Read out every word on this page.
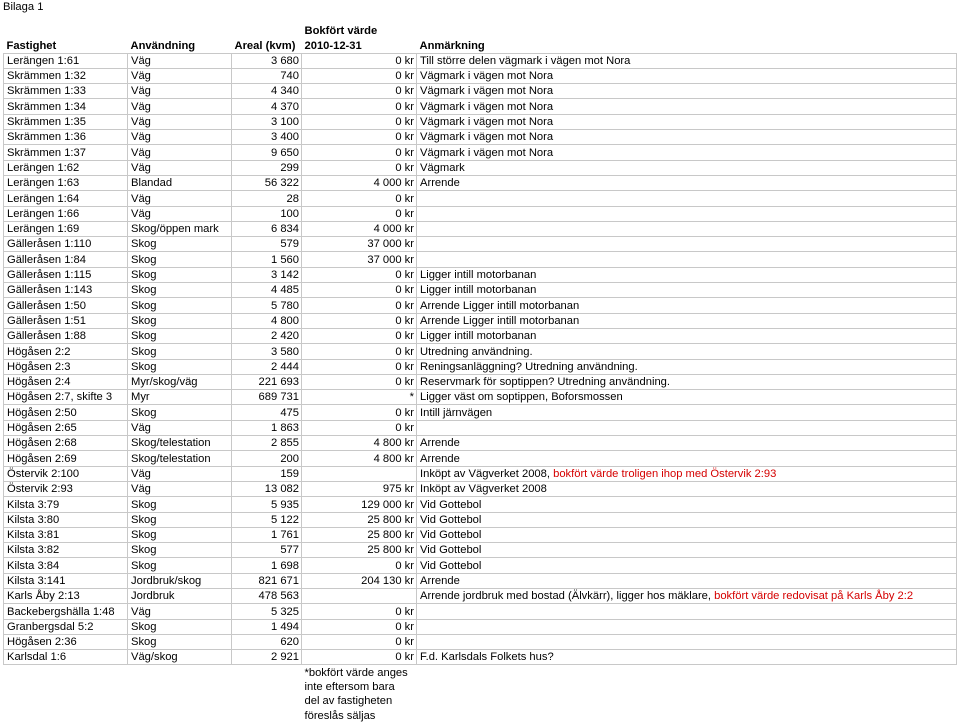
Bilaga 1
			Bokfört värde	
Fastighet	Användning	Areal (kvm)	2010-12-31	Anmärkning
Lerängen 1:61	Väg	3 680	0 kr	Till större delen vägmark i vägen mot Nora
Skrämmen 1:32	Väg	740	0 kr	Vägmark i vägen mot Nora
Skrämmen 1:33	Väg	4 340	0 kr	Vägmark i vägen mot Nora
Skrämmen 1:34	Väg	4 370	0 kr	Vägmark i vägen mot Nora
Skrämmen 1:35	Väg	3 100	0 kr	Vägmark i vägen mot Nora
Skrämmen 1:36	Väg	3 400	0 kr	Vägmark i vägen mot Nora
Skrämmen 1:37	Väg	9 650	0 kr	Vägmark i vägen mot Nora
Lerängen 1:62	Väg	299	0 kr	Vägmark
Lerängen 1:63	Blandad	56 322	4 000 kr	Arrende
Lerängen 1:64	Väg	28	0 kr	
Lerängen 1:66	Väg	100	0 kr	
Lerängen 1:69	Skog/öppen mark	6 834	4 000 kr	
Gälleråsen 1:110	Skog	579	37 000 kr	
Gälleråsen 1:84	Skog	1 560	37 000 kr	
Gälleråsen 1:115	Skog	3 142	0 kr	Ligger intill motorbanan
Gälleråsen 1:143	Skog	4 485	0 kr	Ligger intill motorbanan
Gälleråsen 1:50	Skog	5 780	0 kr	Arrende Ligger intill motorbanan
Gälleråsen 1:51	Skog	4 800	0 kr	Arrende Ligger intill motorbanan
Gälleråsen 1:88	Skog	2 420	0 kr	Ligger intill motorbanan
Högåsen 2:2	Skog	3 580	0 kr	Utredning användning.
Högåsen 2:3	Skog	2 444	0 kr	Reningsanläggning? Utredning användning.
Högåsen 2:4	Myr/skog/väg	221 693	0 kr	Reservmark för soptippen? Utredning användning.
Högåsen 2:7, skifte 3	Myr	689 731	*	Ligger väst om soptippen, Boforsmossen
Högåsen 2:50	Skog	475	0 kr	Intill järnvägen
Högåsen 2:65	Väg	1 863	0 kr	
Högåsen 2:68	Skog/telestation	2 855	4 800 kr	Arrende
Högåsen 2:69	Skog/telestation	200	4 800 kr	Arrende
Östervik 2:100	Väg	159		Inköpt av Vägverket 2008, bokfört värde troligen ihop med Östervik 2:93
Östervik 2:93	Väg	13 082	975 kr	Inköpt av Vägverket 2008
Kilsta 3:79	Skog	5 935	129 000 kr	Vid Gottebol
Kilsta 3:80	Skog	5 122	25 800 kr	Vid Gottebol
Kilsta 3:81	Skog	1 761	25 800 kr	Vid Gottebol
Kilsta 3:82	Skog	577	25 800 kr	Vid Gottebol
Kilsta 3:84	Skog	1 698	0 kr	Vid Gottebol
Kilsta 3:141	Jordbruk/skog	821 671	204 130 kr	Arrende
Karls Åby 2:13	Jordbruk	478 563		Arrende jordbruk med bostad (Älvkärr), ligger hos mäklare, bokfört värde redovisat på Karls Åby 2:2
Backebergshälla 1:48	Väg	5 325	0 kr	
Granbergsdal 5:2	Skog	1 494	0 kr	
Högåsen 2:36	Skog	620	0 kr	
Karlsdal 1:6	Väg/skog	2 921	0 kr	F.d. Karlsdals Folkets hus?
			*bokfört värde anges	
			inte eftersom bara	
			del av fastigheten	
			föreslås säljas	
